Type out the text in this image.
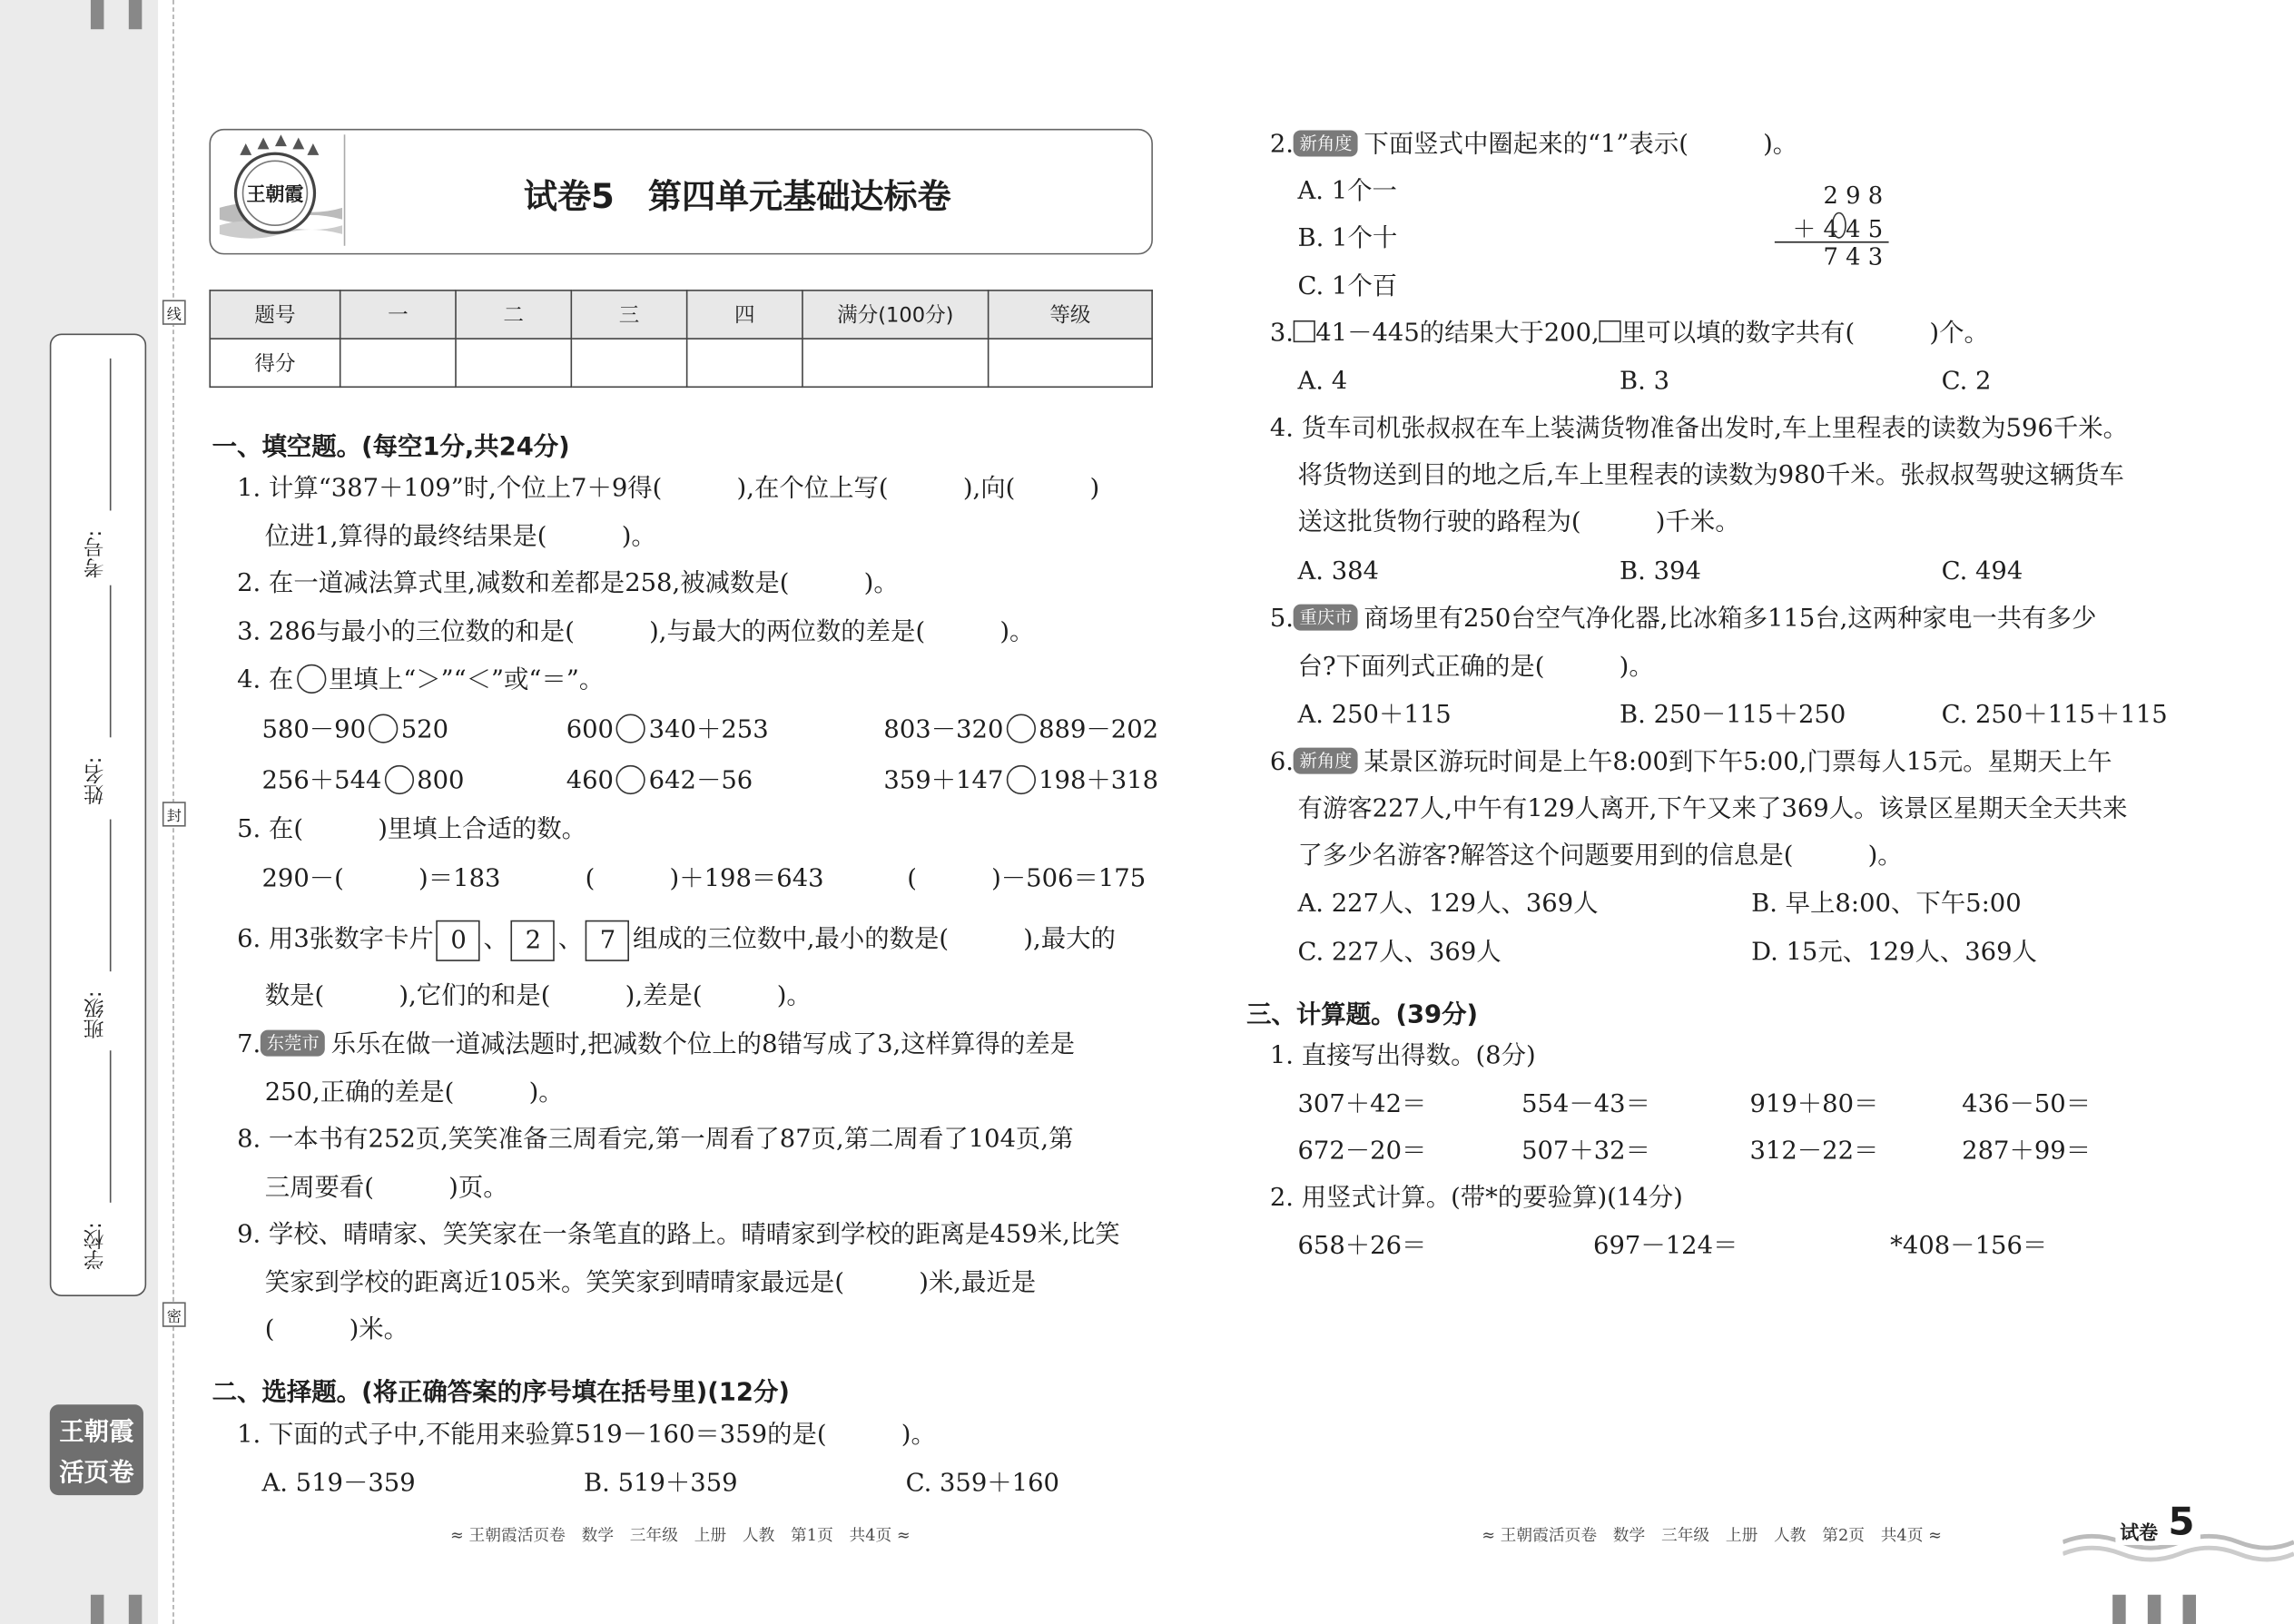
线
封
密
考号:
姓名:
班级:
学校:
王朝霞
活页卷
王朝霞	试卷5　第四单元基础达标卷
题号	一	二	三	四	满分(100分)	等级
得分						
一、填空题。(每空1分,共24分)
1. 计算“387＋109”时,个位上7＋9得(　　　),在个位上写(　　　),向(　　　)
位进1,算得的最终结果是(　　　)。
2. 在一道减法算式里,减数和差都是258,被减数是(　　　)。
3. 286与最小的三位数的和是(　　　),与最大的两位数的差是(　　　)。
4. 在 里填上“＞”“＜”或“＝”。
580－90 520	600 340＋253	803－320 889－202
256＋544 800	460 642－56	359＋147 198＋318
5. 在(　　　)里填上合适的数。
290－(　　　)＝183	(　　　)＋198＝643	(　　　)－506＝175
6. 用3张数字卡片 0 、 2 、 7 组成的三位数中,最小的数是(　　　),最大的
数是(　　　),它们的和是(　　　),差是(　　　)。
7. 东莞市 乐乐在做一道减法题时,把减数个位上的8错写成了3,这样算得的差是
250,正确的差是(　　　)。
8. 一本书有252页,笑笑准备三周看完,第一周看了87页,第二周看了104页,第
三周要看(　　　)页。
9. 学校、晴晴家、笑笑家在一条笔直的路上。晴晴家到学校的距离是459米,比笑
笑家到学校的距离近105米。笑笑家到晴晴家最远是(　　　)米,最近是
(　　　)米。
二、选择题。(将正确答案的序号填在括号里)(12分)
1. 下面的式子中,不能用来验算519－160＝359的是(　　　)。
A. 519－359	B. 519＋359	C. 359＋160
≈ 王朝霞活页卷　数学　三年级　上册　人教　第1页　共4页 ≈
2. 新角度 下面竖式中圈起来的“1”表示(　　　)。
A. 1个一
B. 1个十
C. 1个百
2 9 8
＋ 4 4 5
7 4 3
3. 41－445的结果大于200, 里可以填的数字共有(　　　)个。
A. 4	B. 3	C. 2
4. 货车司机张叔叔在车上装满货物准备出发时,车上里程表的读数为596千米。
将货物送到目的地之后,车上里程表的读数为980千米。张叔叔驾驶这辆货车
送这批货物行驶的路程为(　　　)千米。
A. 384	B. 394	C. 494
5. 重庆市 商场里有250台空气净化器,比冰箱多115台,这两种家电一共有多少
台?下面列式正确的是(　　　)。
A. 250＋115	B. 250－115＋250	C. 250＋115＋115
6. 新角度 某景区游玩时间是上午8:00到下午5:00,门票每人15元。星期天上午
有游客227人,中午有129人离开,下午又来了369人。该景区星期天全天共来
了多少名游客?解答这个问题要用到的信息是(　　　)。
A. 227人、129人、369人	B. 早上8:00、下午5:00
C. 227人、369人	D. 15元、129人、369人
三、计算题。(39分)
1. 直接写出得数。(8分)
307＋42＝	554－43＝	919＋80＝	436－50＝
672－20＝	507＋32＝	312－22＝	287＋99＝
2. 用竖式计算。(带*的要验算)(14分)
658＋26＝	697－124＝	*408－156＝
≈ 王朝霞活页卷　数学　三年级　上册　人教　第2页　共4页 ≈	试卷 5
